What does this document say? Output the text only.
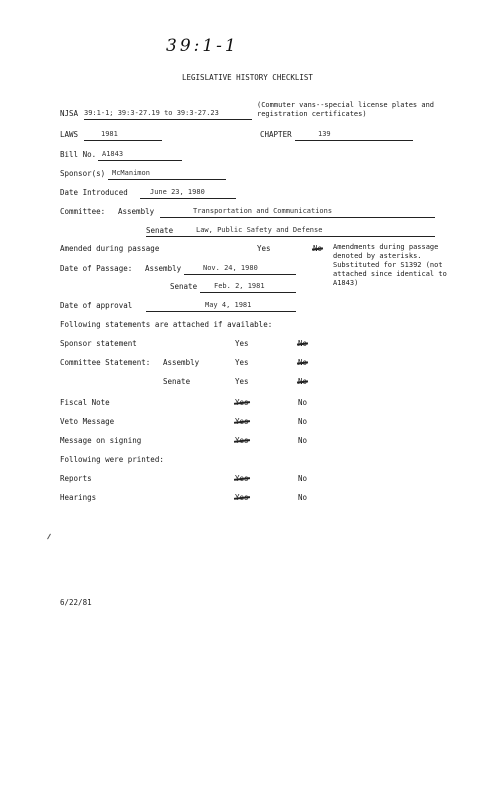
39:1-1
LEGISLATIVE HISTORY CHECKLIST
NJSA 39:1-1; 39:3-27.19 to 39:3-27.23
(Commuter vans--special license plates and registration certificates)
LAWS	1981	CHAPTER	139
Bill No. A1843
Sponsor(s) McManimon
Date Introduced	June 23, 1980
Committee: Assembly	Transportation and Communications
Senate	Law, Public Safety and Defense
Amended during passage	Yes	No Amendments during passage denoted by asterisks. Substituted for S1392 (not attached since identical to A1843)
Date of Passage: Assembly	Nov. 24, 1980
Senate Feb. 2, 1981
Date of approval	May 4, 1981
Following statements are attached if available:
Sponsor statement	Yes	No
Committee Statement: Assembly	Yes	No
Senate	Yes	No
Fiscal Note	Yes	No
Veto Message	Yes	No
Message on signing	Yes	No
Following were printed:
Reports	Yes	No
Hearings	Yes	No
6/22/81
